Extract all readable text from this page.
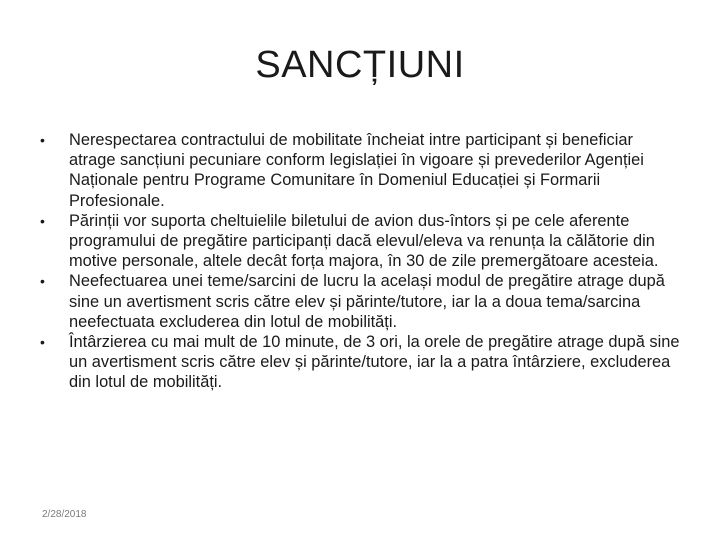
SANCȚIUNI
•	Nerespectarea contractului de mobilitate încheiat intre participant și beneficiar atrage sancțiuni pecuniare conform legislației în vigoare și prevederilor Agenției Naționale pentru Programe Comunitare în Domeniul Educației și Formarii Profesionale.
•	Părinții vor suporta cheltuielile biletului de avion dus-întors și pe cele aferente programului de pregătire participanți dacă elevul/eleva va renunța la călătorie din motive personale, altele decât forța majora, în 30 de zile premergătoare acesteia.
•	Neefectuarea unei teme/sarcini de lucru la același modul de pregătire atrage după sine un avertisment scris către elev și părinte/tutore, iar la a doua tema/sarcina neefectuata excluderea din lotul de mobilități.
•	Întârzierea cu mai mult de 10 minute, de 3 ori, la orele de pregătire atrage după sine un avertisment scris către elev și părinte/tutore, iar la a patra întârziere, excluderea din lotul de mobilități.
2/28/2018
